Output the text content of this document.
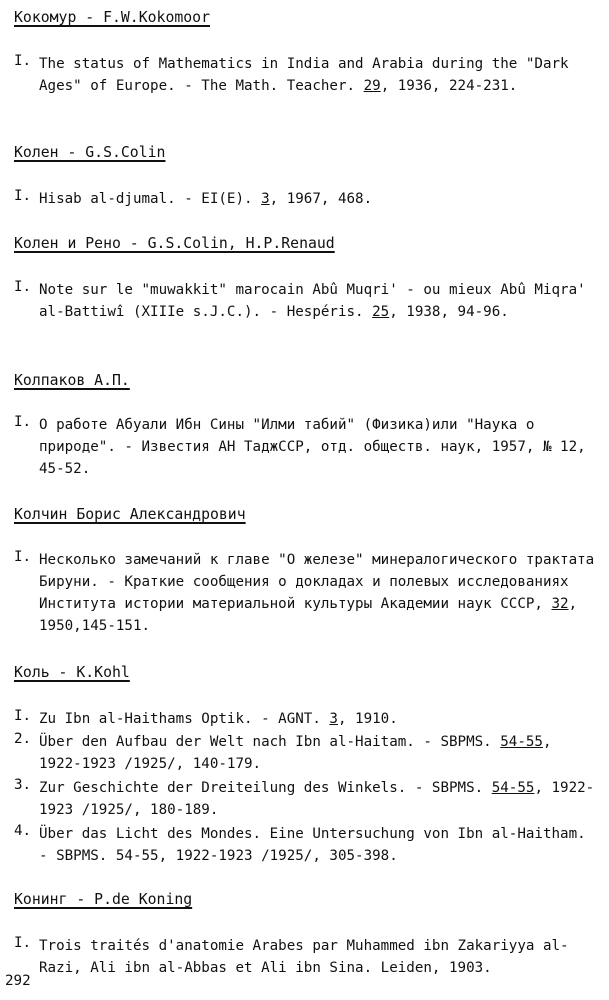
Кокомур - F.W.Kokomoor
I. The status of Mathematics in India and Arabia during the "Dark Ages" of Europe. - The Math. Teacher. 29, 1936, 224-231.
Колен - G.S.Colin
I. Hisab al-djumal. - EI(E). 3, 1967, 468.
Колен и Рено - G.S.Colin, H.P.Renaud
I. Note sur le "muwakkit" marocain Abû Muqri' - ou mieux Abû Miqra' al-Battiwî (XIIIe s.J.C.). - Hespéris. 25, 1938, 94-96.
Колпаков А.П.
I. О работе Абуали Ибн Сины "Илми табий" (Физика)или "Наука о природе". - Известия АН ТаджССР, отд. обществ. наук, 1957, № 12, 45-52.
Колчин Борис Александрович
I. Несколько замечаний к главе "О железе" минералогического трактата Бируни. - Краткие сообщения о докладах и полевых исследованиях Института истории материальной культуры Академии наук СССР, 32, 1950,145-151.
Коль - K.Kohl
I. Zu Ibn al-Haithams Optik. - AGNT. 3, 1910.
2. Über den Aufbau der Welt nach Ibn al-Haitam. - SBPMS. 54-55, 1922-1923 /1925/, 140-179.
3. Zur Geschichte der Dreiteilung des Winkels. - SBPMS. 54-55, 1922-1923 /1925/, 180-189.
4. Über das Licht des Mondes. Eine Untersuchung von Ibn al-Haitham. - SBPMS. 54-55, 1922-1923 /1925/, 305-398.
Конинг - P.de Koning
I. Trois traités d'anatomie Arabes par Muhammed ibn Zakariyya al-Razi, Ali ibn al-Abbas et Ali ibn Sina. Leiden, 1903.
292
